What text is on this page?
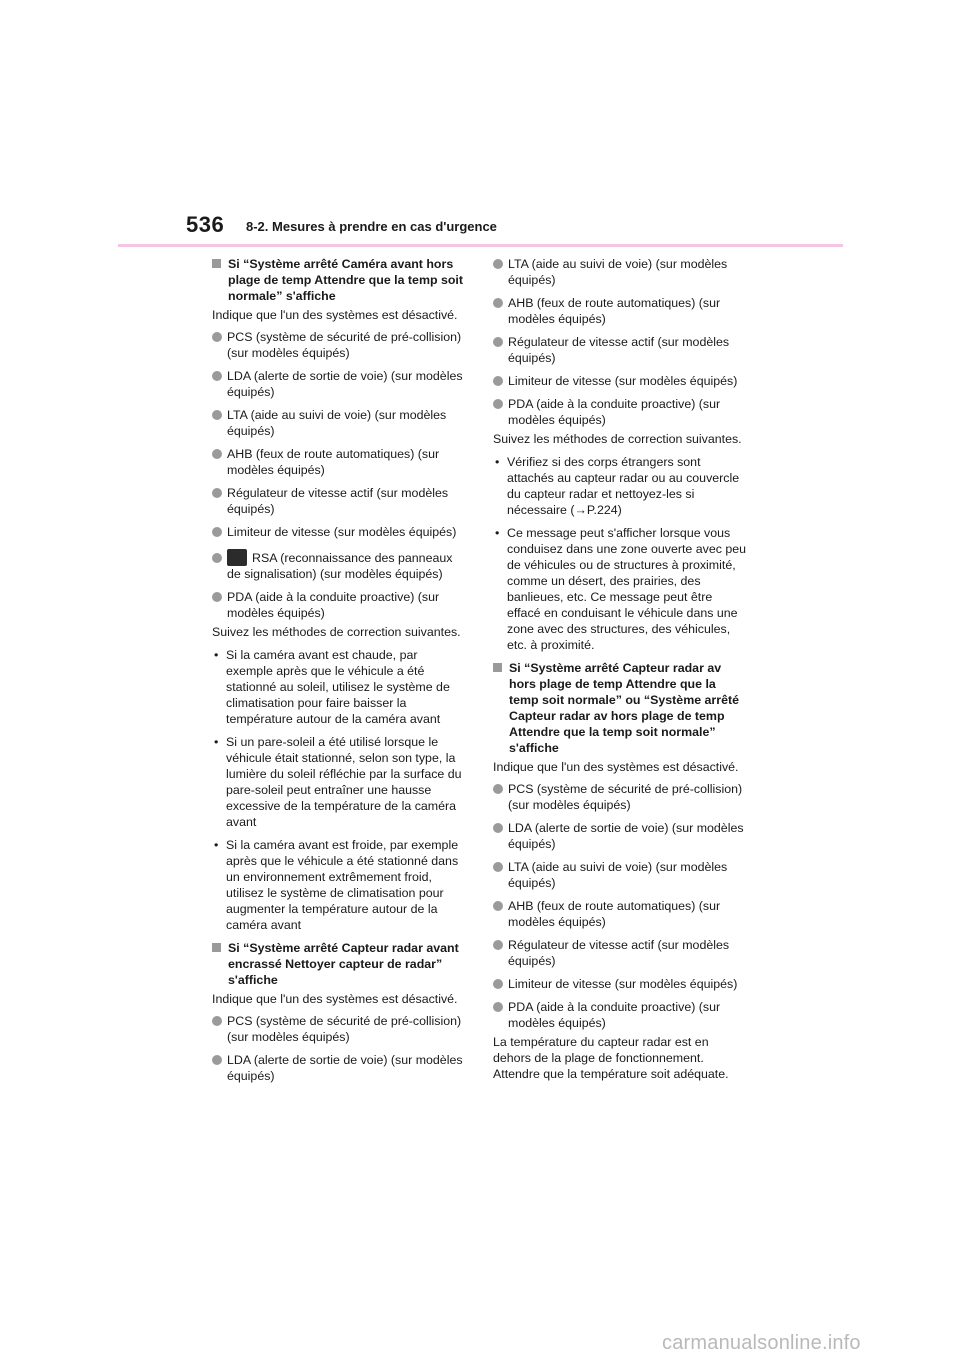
536 8-2. Mesures à prendre en cas d'urgence
Si “Système arrêté Caméra avant hors plage de temp Attendre que la temp soit normale” s'affiche
Indique que l'un des systèmes est désactivé.
PCS (système de sécurité de pré-collision) (sur modèles équipés)
LDA (alerte de sortie de voie) (sur modèles équipés)
LTA (aide au suivi de voie) (sur modèles équipés)
AHB (feux de route automatiques) (sur modèles équipés)
Régulateur de vitesse actif (sur modèles équipés)
Limiteur de vitesse (sur modèles équipés)
RSA (reconnaissance des panneaux de signalisation) (sur modèles équipés)
PDA (aide à la conduite proactive) (sur modèles équipés)
Suivez les méthodes de correction suivantes.
• Si la caméra avant est chaude, par exemple après que le véhicule a été stationné au soleil, utilisez le système de climatisation pour faire baisser la température autour de la caméra avant
• Si un pare-soleil a été utilisé lorsque le véhicule était stationné, selon son type, la lumière du soleil réfléchie par la surface du pare-soleil peut entraîner une hausse excessive de la température de la caméra avant
• Si la caméra avant est froide, par exemple après que le véhicule a été stationné dans un environnement extrêmement froid, utilisez le système de climatisation pour augmenter la température autour de la caméra avant
Si “Système arrêté Capteur radar avant encrassé Nettoyer capteur de radar” s'affiche
Indique que l'un des systèmes est désactivé.
PCS (système de sécurité de pré-collision) (sur modèles équipés)
LDA (alerte de sortie de voie) (sur modèles équipés)
LTA (aide au suivi de voie) (sur modèles équipés)
AHB (feux de route automatiques) (sur modèles équipés)
Régulateur de vitesse actif (sur modèles équipés)
Limiteur de vitesse (sur modèles équipés)
PDA (aide à la conduite proactive) (sur modèles équipés)
Suivez les méthodes de correction suivantes.
• Vérifiez si des corps étrangers sont attachés au capteur radar ou au couvercle du capteur radar et nettoyez-les si nécessaire (→P.224)
• Ce message peut s'afficher lorsque vous conduisez dans une zone ouverte avec peu de véhicules ou de structures à proximité, comme un désert, des prairies, des banlieues, etc. Ce message peut être effacé en conduisant le véhicule dans une zone avec des structures, des véhicules, etc. à proximité.
Si “Système arrêté Capteur radar av hors plage de temp Attendre que la temp soit normale” ou “Système arrêté Capteur radar av hors plage de temp Attendre que la temp soit normale” s'affiche
Indique que l'un des systèmes est désactivé.
PCS (système de sécurité de pré-collision) (sur modèles équipés)
LDA (alerte de sortie de voie) (sur modèles équipés)
LTA (aide au suivi de voie) (sur modèles équipés)
AHB (feux de route automatiques) (sur modèles équipés)
Régulateur de vitesse actif (sur modèles équipés)
Limiteur de vitesse (sur modèles équipés)
PDA (aide à la conduite proactive) (sur modèles équipés)
La température du capteur radar est en dehors de la plage de fonctionnement. Attendre que la température soit adéquate.
carmanualsonline.info
